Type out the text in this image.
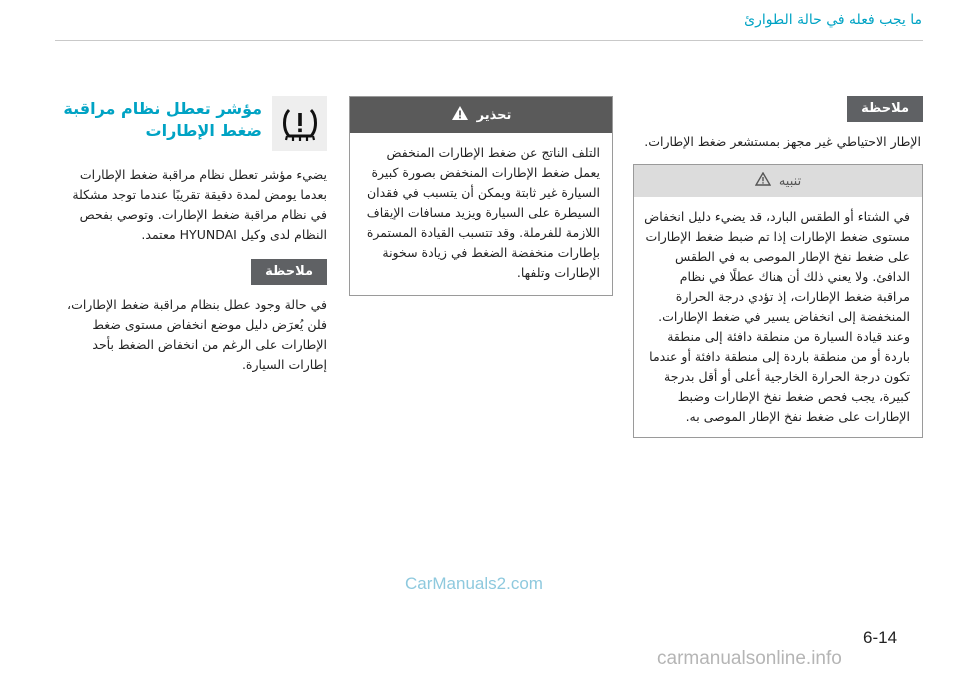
ما يجب فعله في حالة الطوارئ
ملاحظة

الإطار الاحتياطي غير مجهز بمستشعر ضغط الإطارات.

تنبيه

في الشتاء أو الطقس البارد، قد يضيء دليل انخفاض مستوى ضغط الإطارات إذا تم ضبط ضغط الإطارات على ضغط نفخ الإطار الموصى به في الطقس الدافئ. ولا يعني ذلك أن هناك عطلًا في نظام مراقبة ضغط الإطارات، إذ تؤدي درجة الحرارة المنخفضة إلى انخفاض يسير في ضغط الإطارات. وعند قيادة السيارة من منطقة دافئة إلى منطقة باردة أو من منطقة باردة إلى منطقة دافئة أو عندما تكون درجة الحرارة الخارجية أعلى أو أقل بدرجة كبيرة، يجب فحص ضغط نفخ الإطارات وضبط الإطارات على ضغط نفخ الإطار الموصى به.

تحذير

التلف الناتج عن ضغط الإطارات المنخفض يعمل ضغط الإطارات المنخفض بصورة كبيرة السيارة غير ثابتة ويمكن أن يتسبب في فقدان السيطرة على السيارة ويزيد مسافات الإيقاف اللازمة للفرملة. وقد تتسبب القيادة المستمرة بإطارات منخفضة الضغط في زيادة سخونة الإطارات وتلفها.

مؤشر تعطل نظام مراقبة ضغط الإطارات

يضيء مؤشر تعطل نظام مراقبة ضغط الإطارات بعدما يومض لمدة دقيقة تقريبًا عندما توجد مشكلة في نظام مراقبة ضغط الإطارات. وتوصي بفحص النظام لدى وكيل HYUNDAI معتمد.

ملاحظة

في حالة وجود عطل بنظام مراقبة ضغط الإطارات، فلن يُعرَض دليل موضع انخفاض مستوى ضغط الإطارات على الرغم من انخفاض الضغط بأحد إطارات السيارة.

CarManuals2.com
6-14
carmanualsonline.info
